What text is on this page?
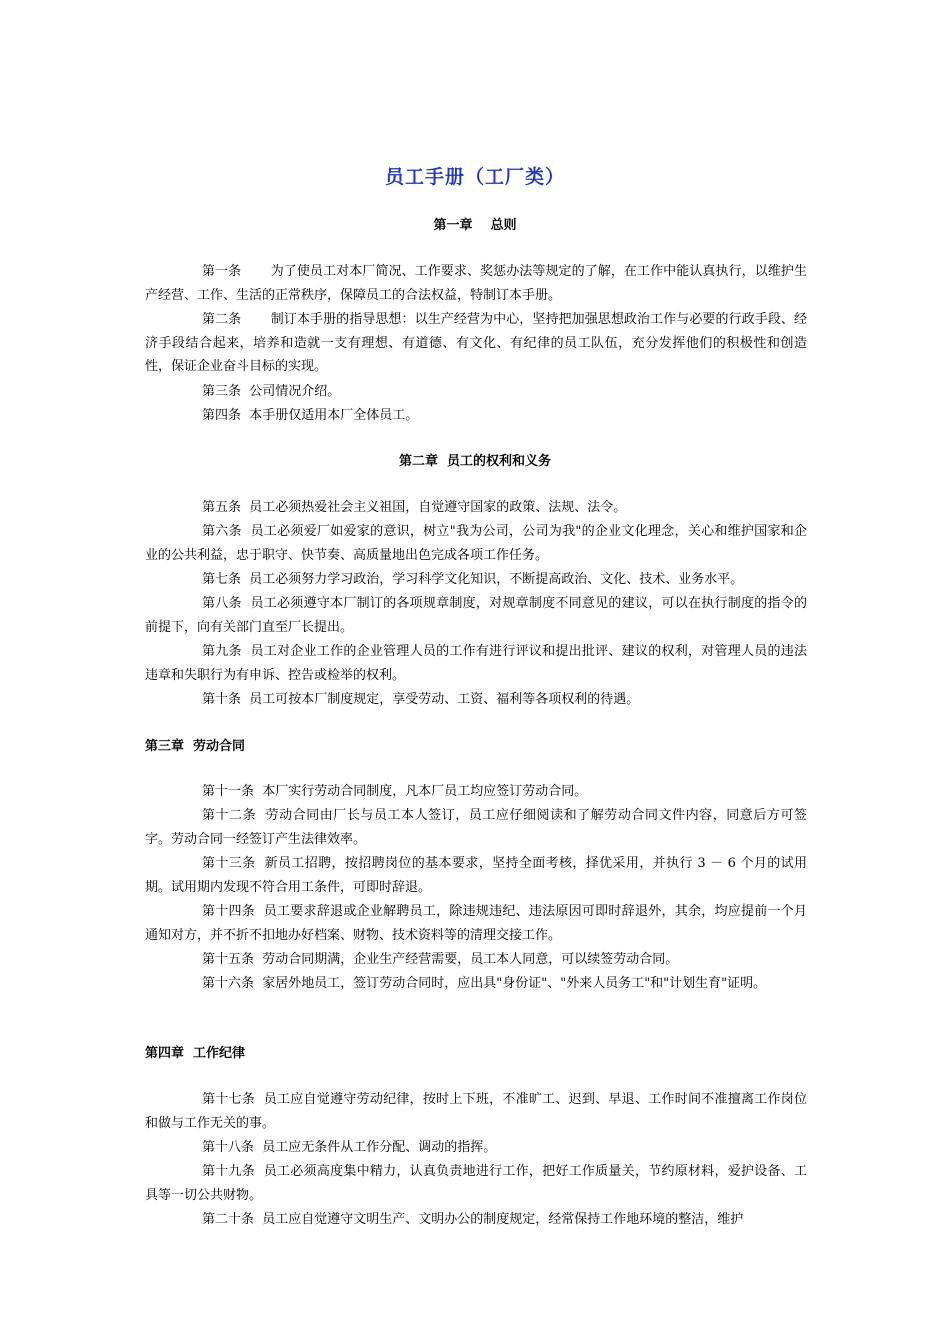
员工手册（工厂类）
第一章    总则

第一条       为了使员工对本厂简况、工作要求、奖惩办法等规定的了解，在工作中能认真执行，以维护生产经营、工作、生活的正常秩序，保障员工的合法权益，特制订本手册。

第二条       制订本手册的指导思想：以生产经营为中心，坚持把加强思想政治工作与必要的行政手段、经济手段结合起来，培养和造就一支有理想、有道德、有文化、有纪律的员工队伍，充分发挥他们的积极性和创造性，保证企业奋斗目标的实现。

第三条  公司情况介绍。

第四条  本手册仅适用本厂全体员工。

第二章  员工的权利和义务

第五条  员工必须热爱社会主义祖国，自觉遵守国家的政策、法规、法令。

第六条  员工必须爱厂如爱家的意识，树立"我为公司，公司为我"的企业文化理念，关心和维护国家和企业的公共利益，忠于职守、快节奏、高质量地出色完成各项工作任务。

第七条  员工必须努力学习政治，学习科学文化知识，不断提高政治、文化、技术、业务水平。

第八条  员工必须遵守本厂制订的各项规章制度，对规章制度不同意见的建议，可以在执行制度的指令的前提下，向有关部门直至厂长提出。

第九条  员工对企业工作的企业管理人员的工作有进行评议和提出批评、建议的权利，对管理人员的违法违章和失职行为有申诉、控告或检举的权利。

第十条  员工可按本厂制度规定，享受劳动、工资、福利等各项权利的待遇。

第三章  劳动合同

第十一条  本厂实行劳动合同制度，凡本厂员工均应签订劳动合同。

第十二条  劳动合同由厂长与员工本人签订，员工应仔细阅读和了解劳动合同文件内容，同意后方可签字。劳动合同一经签订产生法律效率。

第十三条  新员工招聘，按招聘岗位的基本要求，坚持全面考核，择优采用，并执行 3 － 6 个月的试用期。试用期内发现不符合用工条件，可即时辞退。

第十四条  员工要求辞退或企业解聘员工，除违规违纪、违法原因可即时辞退外，其余，均应提前一个月通知对方，并不折不扣地办好档案、财物、技术资料等的清理交接工作。

第十五条  劳动合同期满，企业生产经营需要，员工本人同意，可以续签劳动合同。

第十六条  家居外地员工，签订劳动合同时，应出具"身份证"、"外来人员务工"和"计划生育"证明。

第四章  工作纪律

第十七条  员工应自觉遵守劳动纪律，按时上下班，不准旷工、迟到、早退、工作时间不准擅离工作岗位和做与工作无关的事。

第十八条  员工应无条件从工作分配、调动的指挥。

第十九条  员工必须高度集中精力，认真负责地进行工作，把好工作质量关，节约原材料，爱护设备、工具等一切公共财物。

第二十条  员工应自觉遵守文明生产、文明办公的制度规定，经常保持工作地环境的整洁，维护
